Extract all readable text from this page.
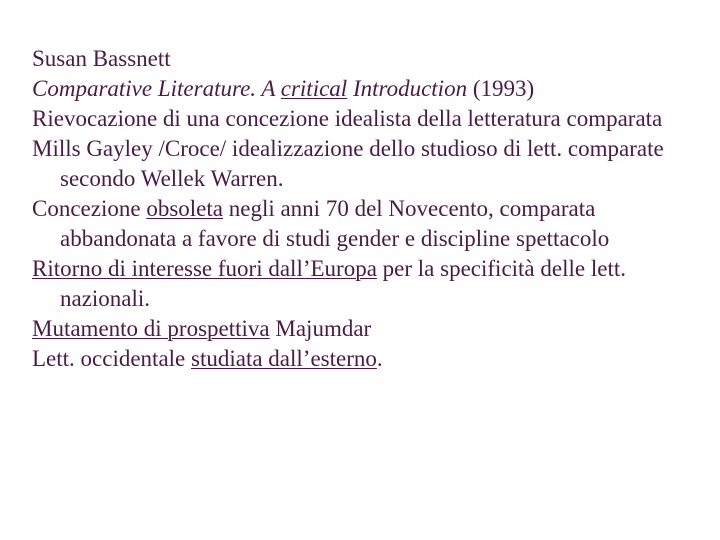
Susan Bassnett

Comparative Literature. A critical Introduction (1993)

Rievocazione di una concezione idealista della letteratura comparata

Mills Gayley /Croce/ idealizzazione dello studioso di lett. comparate secondo Wellek Warren.

Concezione obsoleta negli anni 70 del Novecento, comparata abbandonata a favore di studi gender e discipline spettacolo

Ritorno di interesse fuori dall’Europa per la specificità delle lett. nazionali.

Mutamento di prospettiva Majumdar

Lett. occidentale studiata dall’esterno.
